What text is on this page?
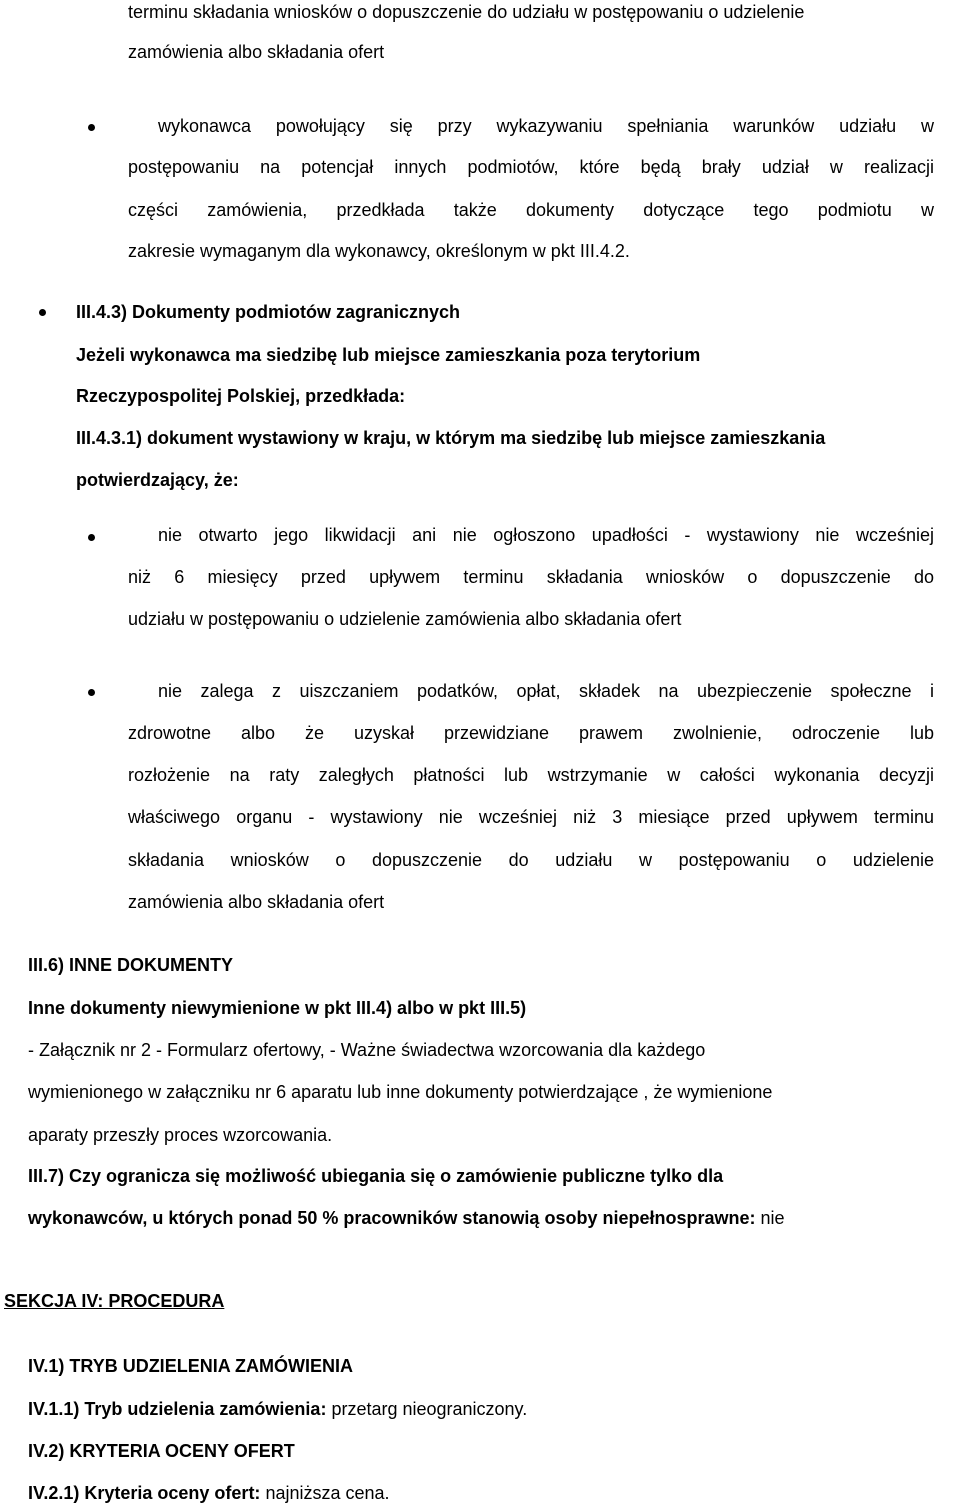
terminu składania wniosków o dopuszczenie do udziału w postępowaniu o udzielenie
zamówienia albo składania ofert
wykonawca powołujący się przy wykazywaniu spełniania warunków udziału w
postępowaniu na potencjał innych podmiotów, które będą brały udział w realizacji
części zamówienia, przedkłada także dokumenty dotyczące tego podmiotu w
zakresie wymaganym dla wykonawcy, określonym w pkt III.4.2.
III.4.3) Dokumenty podmiotów zagranicznych
Jeżeli wykonawca ma siedzibę lub miejsce zamieszkania poza terytorium
Rzeczypospolitej Polskiej, przedkłada:
III.4.3.1) dokument wystawiony w kraju, w którym ma siedzibę lub miejsce zamieszkania
potwierdzający, że:
nie otwarto jego likwidacji ani nie ogłoszono upadłości - wystawiony nie wcześniej
niż 6 miesięcy przed upływem terminu składania wniosków o dopuszczenie do
udziału w postępowaniu o udzielenie zamówienia albo składania ofert
nie zalega z uiszczaniem podatków, opłat, składek na ubezpieczenie społeczne i
zdrowotne albo że uzyskał przewidziane prawem zwolnienie, odroczenie lub
rozłożenie na raty zaległych płatności lub wstrzymanie w całości wykonania decyzji
właściwego organu - wystawiony nie wcześniej niż 3 miesiące przed upływem terminu
składania wniosków o dopuszczenie do udziału w postępowaniu o udzielenie
zamówienia albo składania ofert
III.6) INNE DOKUMENTY
Inne dokumenty niewymienione w pkt III.4) albo w pkt III.5)
- Załącznik nr 2 - Formularz ofertowy, - Ważne świadectwa wzorcowania dla każdego
wymienionego w załączniku nr 6 aparatu lub inne dokumenty potwierdzające , że wymienione
aparaty przeszły proces wzorcowania.
III.7) Czy ogranicza się możliwość ubiegania się o zamówienie publiczne tylko dla
wykonawców, u których ponad 50 % pracowników stanowią osoby niepełnosprawne: nie
SEKCJA IV: PROCEDURA
IV.1) TRYB UDZIELENIA ZAMÓWIENIA
IV.1.1) Tryb udzielenia zamówienia: przetarg nieograniczony.
IV.2) KRYTERIA OCENY OFERT
IV.2.1) Kryteria oceny ofert: najniższa cena.
